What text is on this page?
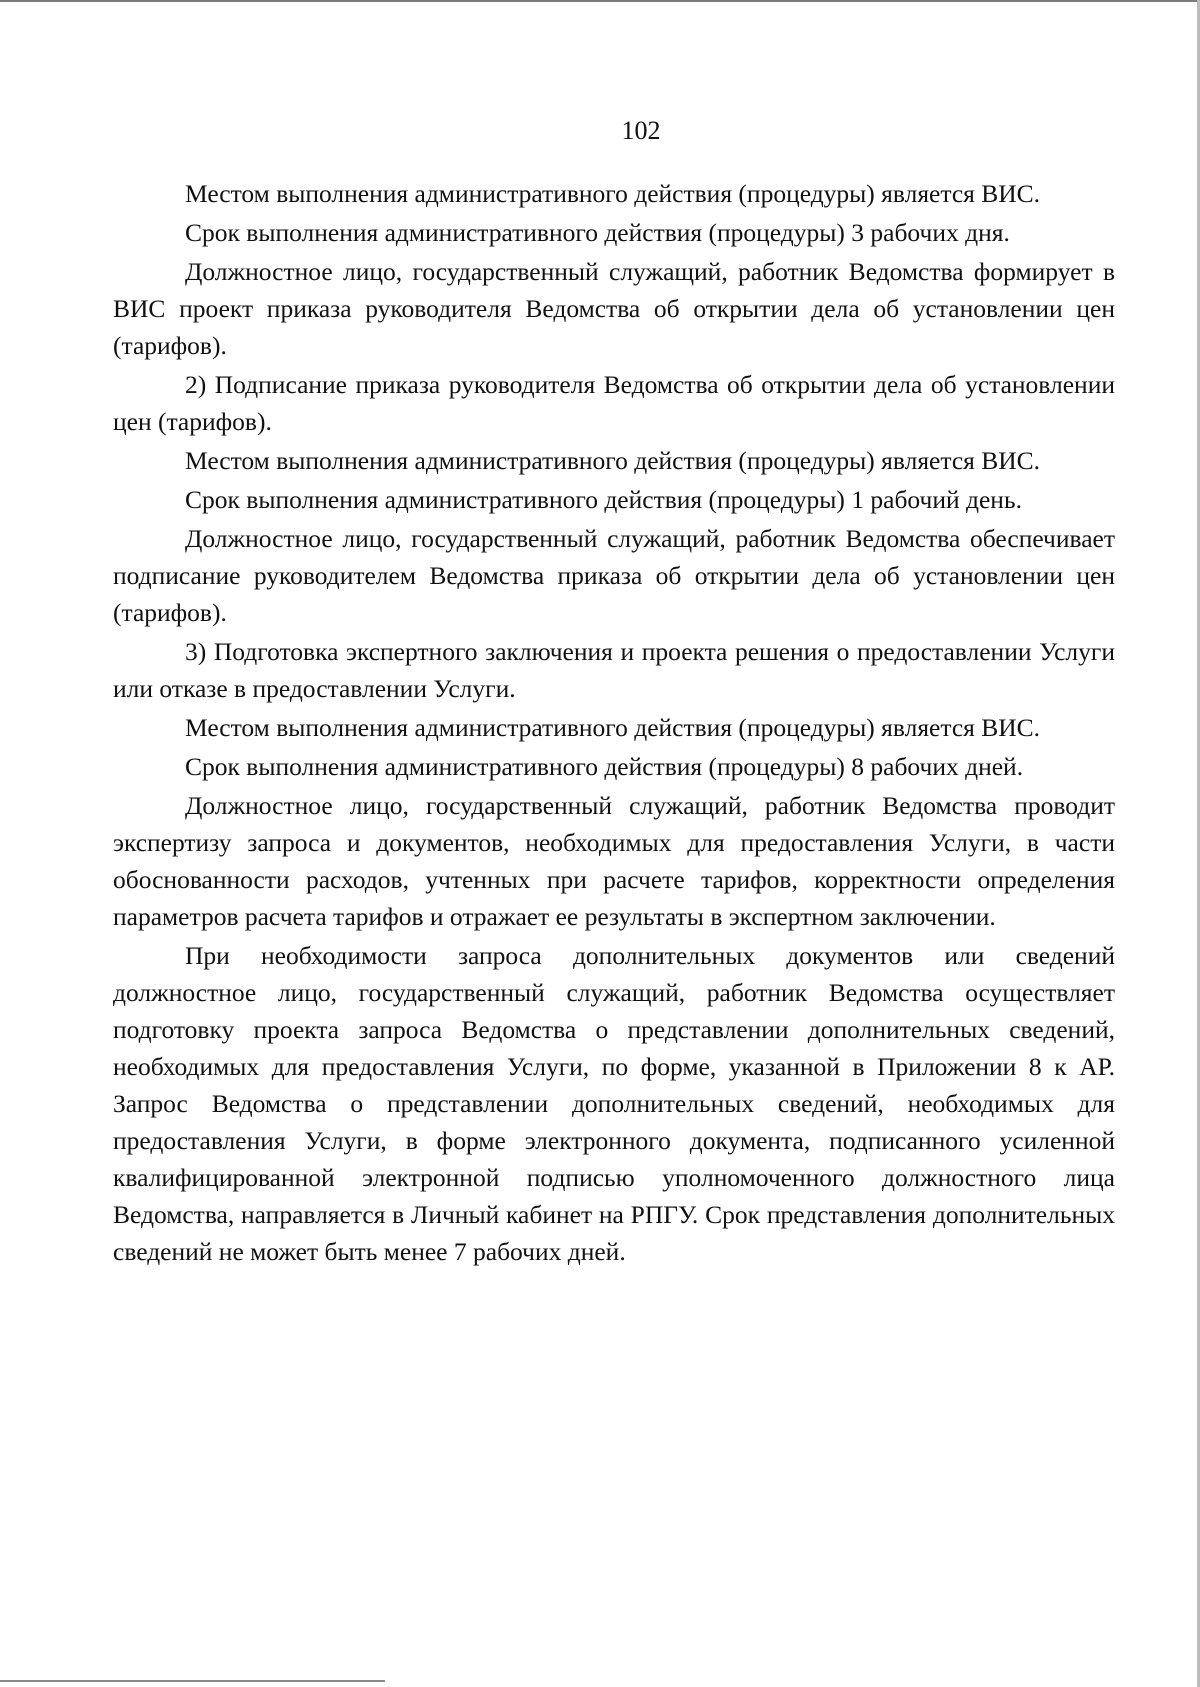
102

Местом выполнения административного действия (процедуры) является ВИС.

Срок выполнения административного действия (процедуры) 3 рабочих дня.

Должностное лицо, государственный служащий, работник Ведомства формирует в ВИС проект приказа руководителя Ведомства об открытии дела об установлении цен (тарифов).

2) Подписание приказа руководителя Ведомства об открытии дела об установлении цен (тарифов).

Местом выполнения административного действия (процедуры) является ВИС.

Срок выполнения административного действия (процедуры) 1 рабочий день.

Должностное лицо, государственный служащий, работник Ведомства обеспечивает подписание руководителем Ведомства приказа об открытии дела об установлении цен (тарифов).

3) Подготовка экспертного заключения и проекта решения о предоставлении Услуги или отказе в предоставлении Услуги.

Местом выполнения административного действия (процедуры) является ВИС.

Срок выполнения административного действия (процедуры) 8 рабочих дней.

Должностное лицо, государственный служащий, работник Ведомства проводит экспертизу запроса и документов, необходимых для предоставления Услуги, в части обоснованности расходов, учтенных при расчете тарифов, корректности определения параметров расчета тарифов и отражает ее результаты в экспертном заключении.

При необходимости запроса дополнительных документов или сведений должностное лицо, государственный служащий, работник Ведомства осуществляет подготовку проекта запроса Ведомства о представлении дополнительных сведений, необходимых для предоставления Услуги, по форме, указанной в Приложении 8 к АР. Запрос Ведомства о представлении дополнительных сведений, необходимых для предоставления Услуги, в форме электронного документа, подписанного усиленной квалифицированной электронной подписью уполномоченного должностного лица Ведомства, направляется в Личный кабинет на РПГУ. Срок представления дополнительных сведений не может быть менее 7 рабочих дней.
